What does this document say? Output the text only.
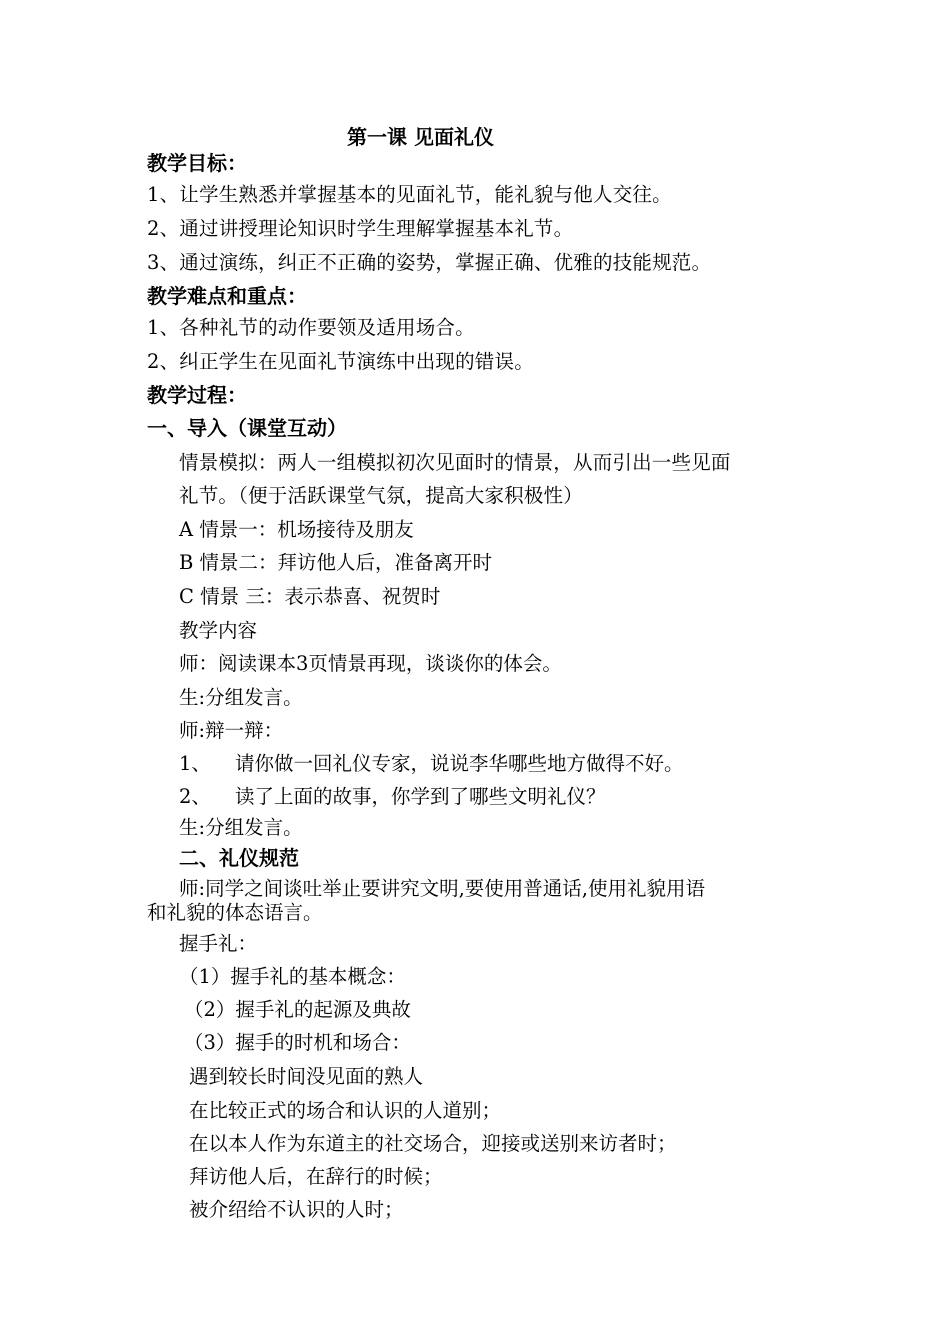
第一课 见面礼仪
教学目标：
1、让学生熟悉并掌握基本的见面礼节，能礼貌与他人交往。
2、通过讲授理论知识时学生理解掌握基本礼节。
3、通过演练，纠正不正确的姿势，掌握正确、优雅的技能规范。
教学难点和重点：
1、各种礼节的动作要领及适用场合。
2、纠正学生在见面礼节演练中出现的错误。
教学过程：
一、导入（课堂互动）
情景模拟：两人一组模拟初次见面时的情景，从而引出一些见面
礼节。（便于活跃课堂气氛，提高大家积极性）
A 情景一：机场接待及朋友
B 情景二：拜访他人后，准备离开时
C 情景 三：表示恭喜、祝贺时
教学内容
师：阅读课本3页情景再现，谈谈你的体会。
生:分组发言。
师:辩一辩：
1、 请你做一回礼仪专家，说说李华哪些地方做得不好。
2、 读了上面的故事，你学到了哪些文明礼仪？
生:分组发言。
二、礼仪规范
师:同学之间谈吐举止要讲究文明,要使用普通话,使用礼貌用语
和礼貌的体态语言。
握手礼：
（1）握手礼的基本概念：
（2）握手礼的起源及典故
（3）握手的时机和场合：
遇到较长时间没见面的熟人
在比较正式的场合和认识的人道别；
在以本人作为东道主的社交场合，迎接或送别来访者时；
拜访他人后，在辞行的时候；
被介绍给不认识的人时；
